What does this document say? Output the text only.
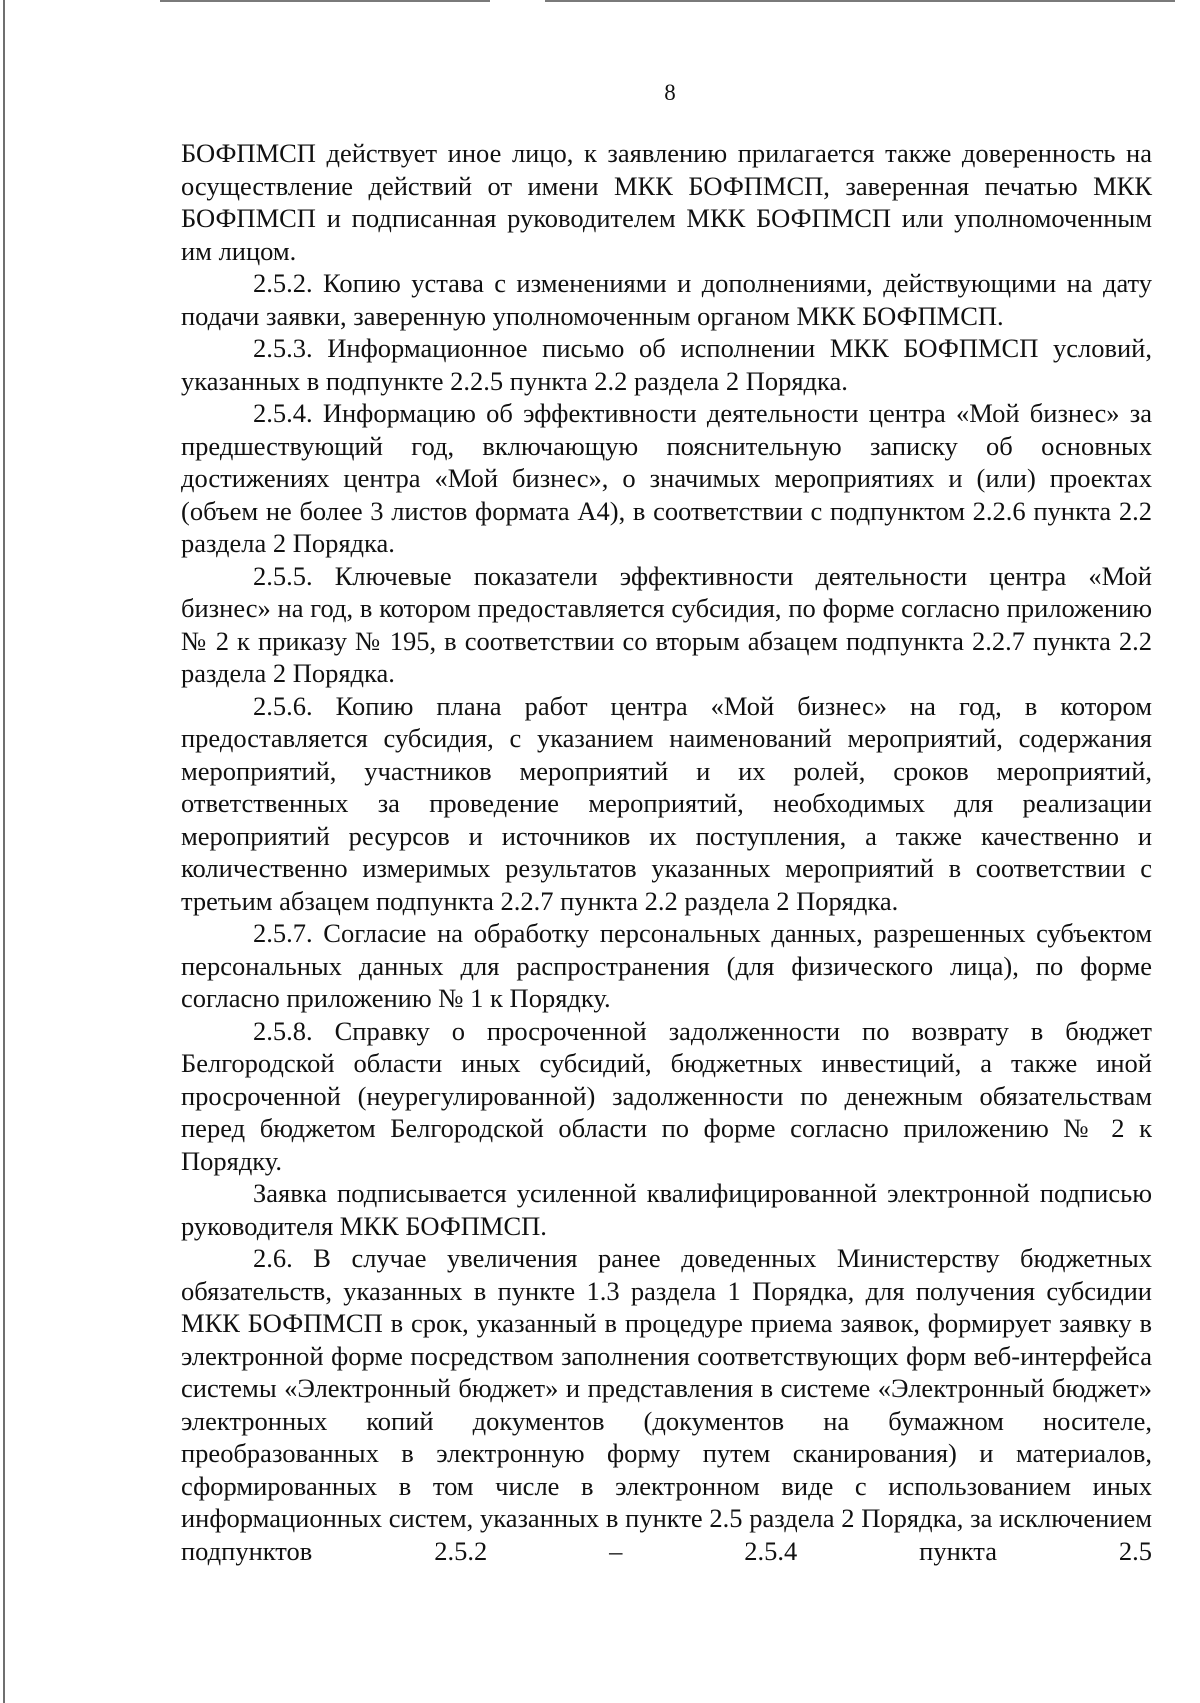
8

БОФПМСП действует иное лицо, к заявлению прилагается также доверенность на осуществление действий от имени МКК БОФПМСП, заверенная печатью МКК БОФПМСП и подписанная руководителем МКК БОФПМСП или уполномоченным им лицом.

2.5.2. Копию устава с изменениями и дополнениями, действующими на дату подачи заявки, заверенную уполномоченным органом МКК БОФПМСП.

2.5.3. Информационное письмо об исполнении МКК БОФПМСП условий, указанных в подпункте 2.2.5 пункта 2.2 раздела 2 Порядка.

2.5.4. Информацию об эффективности деятельности центра «Мой бизнес» за предшествующий год, включающую пояснительную записку об основных достижениях центра «Мой бизнес», о значимых мероприятиях и (или) проектах (объем не более 3 листов формата А4), в соответствии с подпунктом 2.2.6 пункта 2.2 раздела 2 Порядка.

2.5.5. Ключевые показатели эффективности деятельности центра «Мой бизнес» на год, в котором предоставляется субсидия, по форме согласно приложению № 2 к приказу № 195, в соответствии со вторым абзацем подпункта 2.2.7 пункта 2.2 раздела 2 Порядка.

2.5.6. Копию плана работ центра «Мой бизнес» на год, в котором предоставляется субсидия, с указанием наименований мероприятий, содержания мероприятий, участников мероприятий и их ролей, сроков мероприятий, ответственных за проведение мероприятий, необходимых для реализации мероприятий ресурсов и источников их поступления, а также качественно и количественно измеримых результатов указанных мероприятий в соответствии с третьим абзацем подпункта 2.2.7 пункта 2.2 раздела 2 Порядка.

2.5.7. Согласие на обработку персональных данных, разрешенных субъектом персональных данных для распространения (для физического лица), по форме согласно приложению № 1 к Порядку.

2.5.8. Справку о просроченной задолженности по возврату в бюджет Белгородской области иных субсидий, бюджетных инвестиций, а также иной просроченной (неурегулированной) задолженности по денежным обязательствам перед бюджетом Белгородской области по форме согласно приложению № 2 к Порядку.

Заявка подписывается усиленной квалифицированной электронной подписью руководителя МКК БОФПМСП.

2.6. В случае увеличения ранее доведенных Министерству бюджетных обязательств, указанных в пункте 1.3 раздела 1 Порядка, для получения субсидии МКК БОФПМСП в срок, указанный в процедуре приема заявок, формирует заявку в электронной форме посредством заполнения соответствующих форм веб-интерфейса системы «Электронный бюджет» и представления в системе «Электронный бюджет» электронных копий документов (документов на бумажном носителе, преобразованных в электронную форму путем сканирования) и материалов, сформированных в том числе в электронном виде с использованием иных информационных систем, указанных в пункте 2.5 раздела 2 Порядка, за исключением подпунктов 2.5.2 – 2.5.4 пункта 2.5
